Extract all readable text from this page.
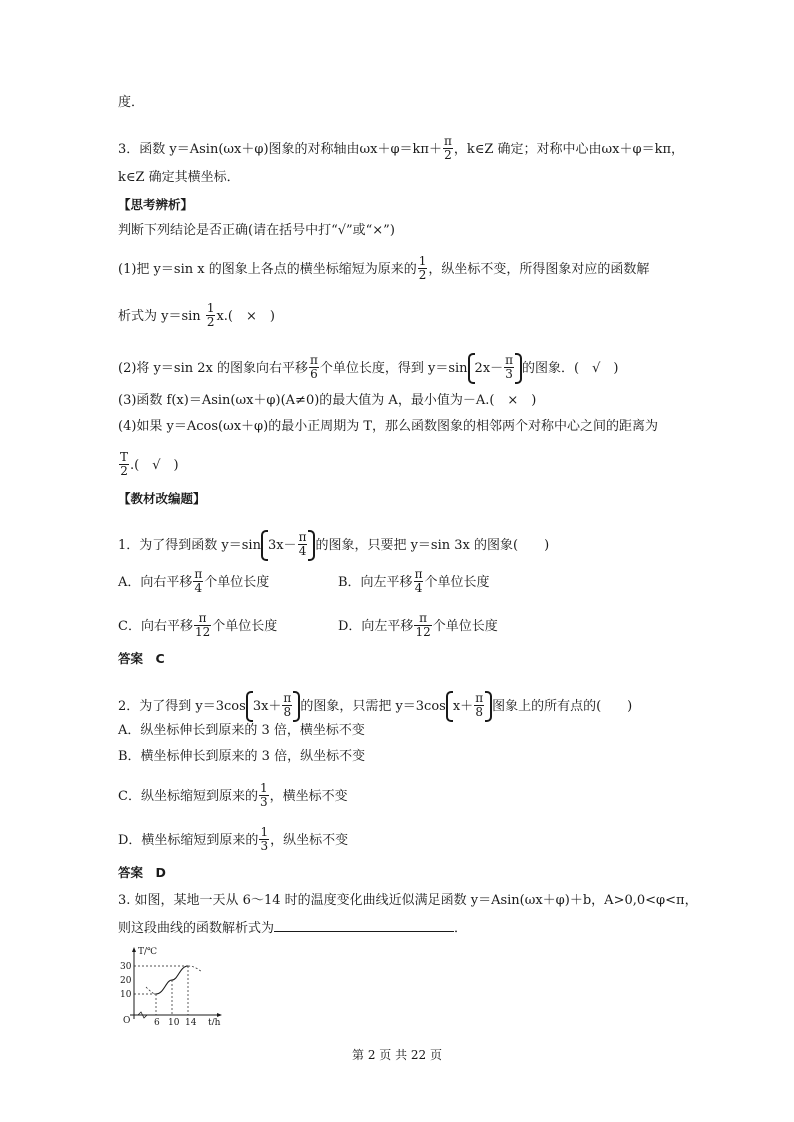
度．
3．函数 y＝Asin(ωx＋φ)图象的对称轴由$\omega x+\varphi=k\pi+ \frac{\pi}{2}$ ，k∈Z 确定；对称中心由ωx＋φ＝kπ，
k∈Z 确定其横坐标．
【思考辨析】
判断下列结论是否正确(请在括号中打“√”或“×”)
(1)把 y＝sin x 的图象上各点的横坐标缩短为原来的 $\frac{1}{2}$ ，纵坐标不变，所得图象对应的函数解
析式为 $y=\sin \frac{1}{2} x$.(　×　)
(2)将 y＝sin 2x 的图象向右平移 $\frac{\pi}{6}$ 个单位长度，得到 y＝sin $2x- \frac{\pi}{3}$ 的图象．(　√　)
(3)函数 f(x)＝Asin(ωx＋φ)(A≠0)的最大值为 A，最小值为－A.(　×　)
(4)如果 y＝Acos(ωx＋φ)的最小正周期为 T，那么函数图象的相邻两个对称中心之间的距离为
$\frac{T}{2}$ .(　√　)
【教材改编题】
1．为了得到函数 y＝sin $3x- \frac{\pi}{4}$ 的图象，只要把 y＝sin 3x 的图象(　　)
A．向右平移 $\frac{\pi}{4}$ 个单位长度	B．向左平移 $\frac{\pi}{4}$ 个单位长度
C．向右平移 $\frac{\pi}{12}$ 个单位长度	D．向左平移 $\frac{\pi}{12}$ 个单位长度
答案　C
2．为了得到 y＝3cos $3x+ \frac{\pi}{8}$ 的图象，只需把 y＝3cos $x+ \frac{\pi}{8}$ 图象上的所有点的(　　)
A．纵坐标伸长到原来的 3 倍，横坐标不变
B．横坐标伸长到原来的 3 倍，纵坐标不变
C．纵坐标缩短到原来的 $\frac{1}{3}$ ，横坐标不变
D．横坐标缩短到原来的 $\frac{1}{3}$ ，纵坐标不变
答案　D
3. 如图，某地一天从 6～14 时的温度变化曲线近似满足函数 y＝Asin(ωx＋φ)＋b，A>0,0<φ<π，
则这段曲线的函数解析式为	．
T/℃
t/h
O
30
20
10
6 10 14
第 2 页 共 22 页
